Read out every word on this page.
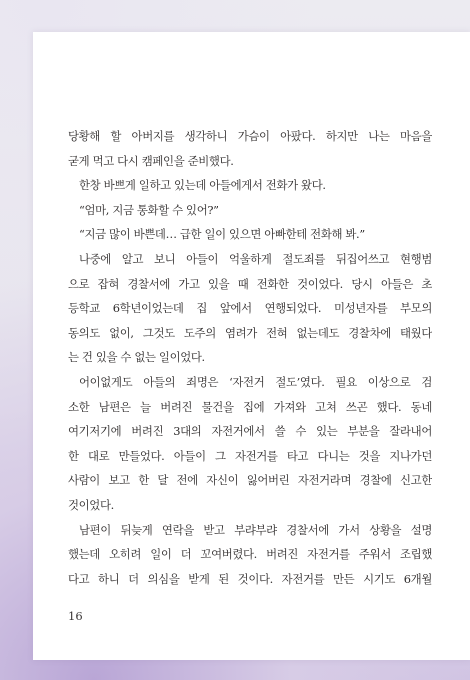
당황해 할 아버지를 생각하니 가슴이 아팠다. 하지만 나는 마음을
굳게 먹고 다시 캠페인을 준비했다.
한창 바쁘게 일하고 있는데 아들에게서 전화가 왔다.
“엄마, 지금 통화할 수 있어?”
“지금 많이 바쁜데… 급한 일이 있으면 아빠한테 전화해 봐.”
나중에 알고 보니 아들이 억울하게 절도죄를 뒤집어쓰고 현행범
으로 잡혀 경찰서에 가고 있을 때 전화한 것이었다. 당시 아들은 초
등학교 6학년이었는데 집 앞에서 연행되었다. 미성년자를 부모의
동의도 없이, 그것도 도주의 염려가 전혀 없는데도 경찰차에 태웠다
는 건 있을 수 없는 일이었다.
어이없게도 아들의 죄명은 ‘자전거 절도’였다. 필요 이상으로 검
소한 남편은 늘 버려진 물건을 집에 가져와 고쳐 쓰곤 했다. 동네
여기저기에 버려진 3대의 자전거에서 쓸 수 있는 부분을 잘라내어
한 대로 만들었다. 아들이 그 자전거를 타고 다니는 것을 지나가던
사람이 보고 한 달 전에 자신이 잃어버린 자전거라며 경찰에 신고한
것이었다.
남편이 뒤늦게 연락을 받고 부랴부랴 경찰서에 가서 상황을 설명
했는데 오히려 일이 더 꼬여버렸다. 버려진 자전거를 주워서 조립했
다고 하니 더 의심을 받게 된 것이다. 자전거를 만든 시기도 6개월
16
